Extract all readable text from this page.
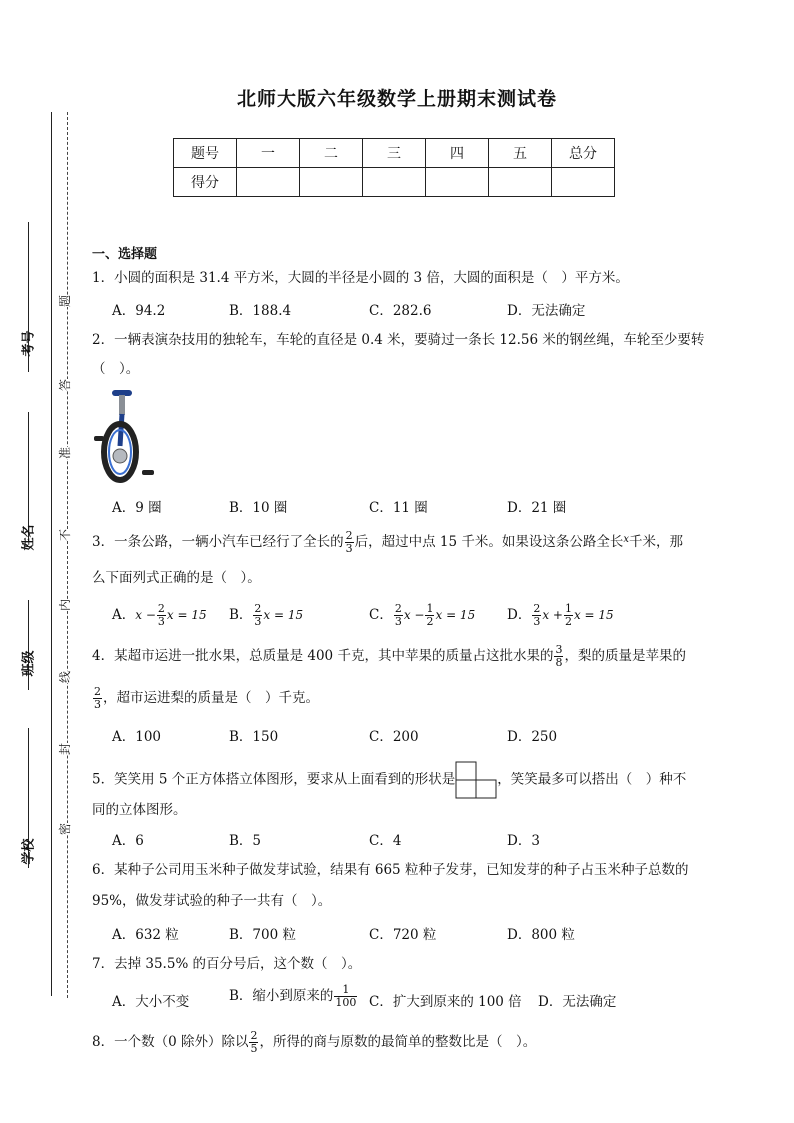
考号
姓名
班级
学校
题
答
准
不
内
线
封
密
北师大版六年级数学上册期末测试卷
题号	一	二	三	四	五	总分
得分						
一、选择题
1．小圆的面积是 31.4 平方米，大圆的半径是小圆的 3 倍，大圆的面积是（　）平方米。
A．94.2	B．188.4	C．282.6	D．无法确定
2．一辆表演杂技用的独轮车，车轮的直径是 0.4 米，要骑过一条长 12.56 米的钢丝绳，车轮至少要转
（　）。
A．9 圈	B．10 圈	C．11 圈	D．21 圈
3．一条公路，一辆小汽车已经行了全长的 $\frac{2}{3}$ 后，超过中点 15 千米。如果设这条公路全长$^x$千米，那
么下面列式正确的是（　）。
A．$x - \frac{2}{3}$ x = 15 B． $\frac{2}{3}$ x = 15	C． $\frac{2}{3}$ $x - \frac{1}{2}$ x = 15 D． $\frac{2}{3}$ $x + \frac{1}{2}$ x = 15
4．某超市运进一批水果，总质量是 400 千克，其中苹果的质量占这批水果的 $\frac{3}{8}$ ，梨的质量是苹果的
$\frac{2}{3}$ ，超市运进梨的质量是（　）千克。
A．100	B．150	C．200	D．250
5．笑笑用 5 个正方体搭立体图形，要求从上面看到的形状是	，笑笑最多可以搭出（　）种不
同的立体图形。
A．6	B．5	C．4	D．3
6．某种子公司用玉米种子做发芽试验，结果有 665 粒种子发芽，已知发芽的种子占玉米种子总数的
95%，做发芽试验的种子一共有（　）。
A．632 粒	B．700 粒	C．720 粒	D．800 粒
7．去掉 35.5% 的百分号后，这个数（　）。
A．大小不变	B．缩小到原来的 $\frac{1}{100}$ C．扩大到原来的 100 倍 D．无法确定
8．一个数（0 除外）除以 $\frac{2}{5}$ ，所得的商与原数的最简单的整数比是（　）。
